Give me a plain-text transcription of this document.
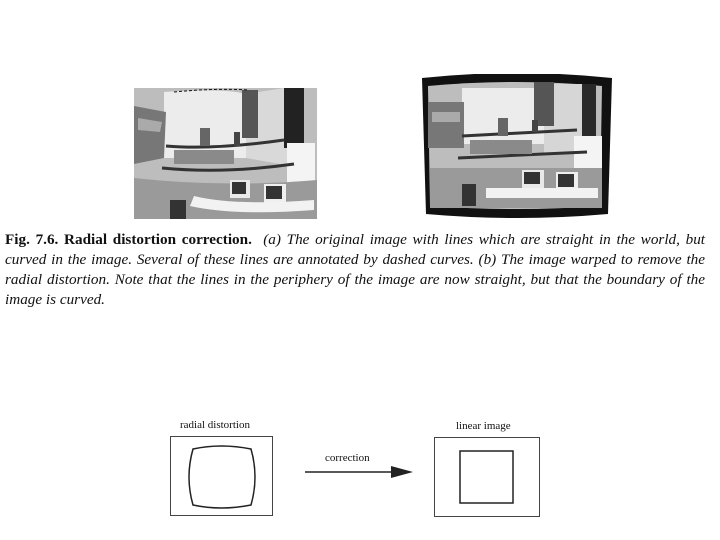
Fig. 7.6. Radial distortion correction. (a) The original image with lines which are straight in the world, but curved in the image. Several of these lines are annotated by dashed curves. (b) The image warped to remove the radial distortion. Note that the lines in the periphery of the image are now straight, but that the boundary of the image is curved.

radial distortion
correction
linear image
